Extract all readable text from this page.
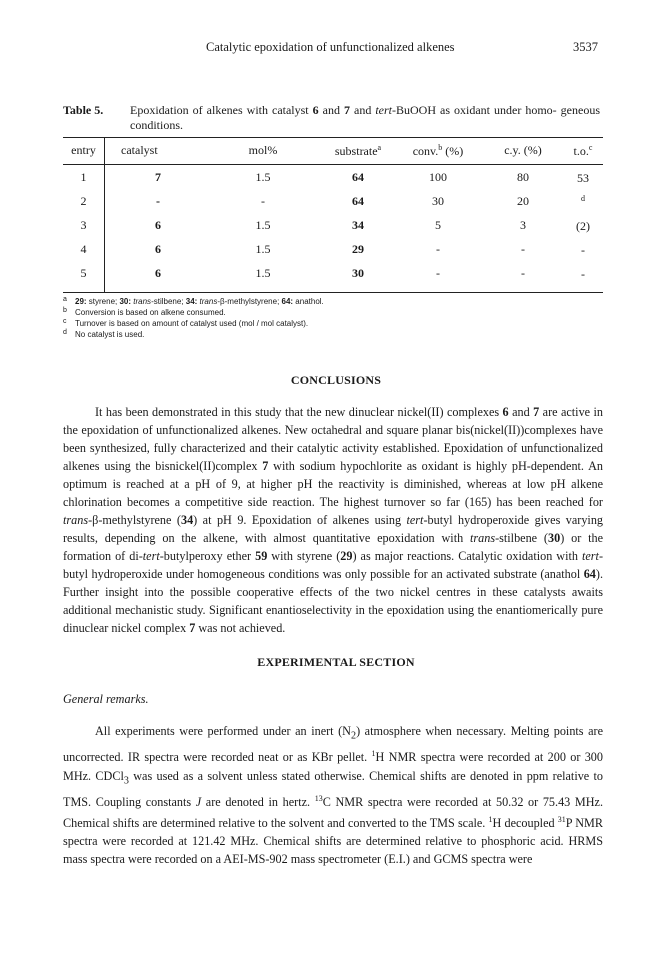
Catalytic epoxidation of unfunctionalized alkenes	3537
Table 5. Epoxidation of alkenes with catalyst 6 and 7 and tert-BuOOH as oxidant under homo- geneous conditions.
entry	catalyst	mol%	substrate$^a$	conv.$^b$ (%)	c.y. (%)	t.o.$^c$
1	7	1.5	64	100	80	53
2	-	-	64	30	20	$^d$
3	6	1.5	34	5	3	(2)
4	6	1.5	29	-	-	-
5	6	1.5	30	-	-	-
a 29: styrene; 30: trans-stilbene; 34: trans-β-methylstyrene; 64: anathol.
b Conversion is based on alkene consumed.
c Turnover is based on amount of catalyst used (mol / mol catalyst).
d No catalyst is used.
CONCLUSIONS

It has been demonstrated in this study that the new dinuclear nickel(II) complexes 6 and 7 are active in the epoxidation of unfunctionalized alkenes. New octahedral and square planar bis(nickel(II))complexes have been synthesized, fully characterized and their catalytic activity established. Epoxidation of unfunctionalized alkenes using the bisnickel(II)complex 7 with sodium hypochlorite as oxidant is highly pH-dependent. An optimum is reached at a pH of 9, at higher pH the reactivity is diminished, whereas at low pH alkene chlorination becomes a competitive side reaction. The highest turnover so far (165) has been reached for trans-β-methylstyrene (34) at pH 9. Epoxidation of alkenes using tert-butyl hydroperoxide gives varying results, depending on the alkene, with almost quantitative epoxidation with trans-stilbene (30) or the formation of di-tert-butylperoxy ether 59 with styrene (29) as major reactions. Catalytic oxidation with tert-butyl hydroperoxide under homogeneous conditions was only possible for an activated substrate (anathol 64). Further insight into the possible cooperative effects of the two nickel centres in these catalysts awaits additional mechanistic study. Significant enantioselectivity in the epoxidation using the enantiomerically pure dinuclear nickel complex 7 was not achieved.

EXPERIMENTAL SECTION
General remarks.

All experiments were performed under an inert $(N_2)$ atmosphere when necessary. Melting points are uncorrected. IR spectra were recorded neat or as KBr pellet. $^1$H NMR spectra were recorded at 200 or 300 MHz. CDCl$_3$ was used as a solvent unless stated otherwise. Chemical shifts are denoted in ppm relative to TMS. Coupling constants J are denoted in hertz. $^{13}$C NMR spectra were recorded at 50.32 or 75.43 MHz. Chemical shifts are determined relative to the solvent and converted to the TMS scale. $^1$H decoupled $^{31}$P NMR spectra were recorded at 121.42 MHz. Chemical shifts are determined relative to phosphoric acid. HRMS mass spectra were recorded on a AEI-MS-902 mass spectrometer (E.I.) and GCMS spectra were
